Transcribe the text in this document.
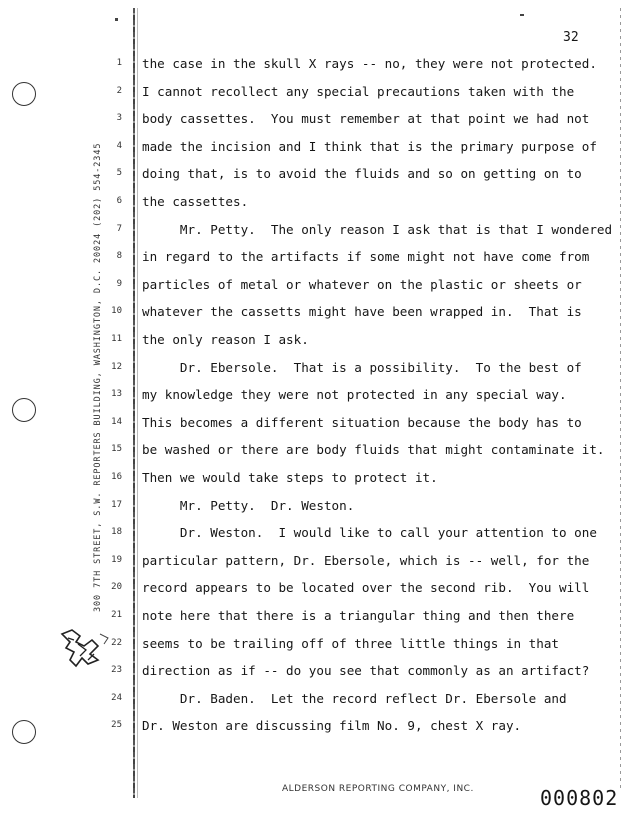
300 7TH STREET, S.W. REPORTERS BUILDING, WASHINGTON, D.C. 20024 (202) 554-2345
32
1 the case in the skull X rays -- no, they were not protected.
2 I cannot recollect any special precautions taken with the
3 body cassettes.  You must remember at that point we had not
4 made the incision and I think that is the primary purpose of
5 doing that, is to avoid the fluids and so on getting on to
6 the cassettes.
7 Mr. Petty.  The only reason I ask that is that I wondered
8 in regard to the artifacts if some might not have come from
9 particles of metal or whatever on the plastic or sheets or
10 whatever the cassetts might have been wrapped in.  That is
11 the only reason I ask.
12 Dr. Ebersole.  That is a possibility.  To the best of
13 my knowledge they were not protected in any special way.
14 This becomes a different situation because the body has to
15 be washed or there are body fluids that might contaminate it.
16 Then we would take steps to protect it.
17 Mr. Petty.  Dr. Weston.
18 Dr. Weston.  I would like to call your attention to one
19 particular pattern, Dr. Ebersole, which is -- well, for the
20 record appears to be located over the second rib.  You will
21 note here that there is a triangular thing and then there
22 seems to be trailing off of three little things in that
23 direction as if -- do you see that commonly as an artifact?
24 Dr. Baden.  Let the record reflect Dr. Ebersole and
25 Dr. Weston are discussing film No. 9, chest X ray.
ALDERSON REPORTING COMPANY, INC.	000802
